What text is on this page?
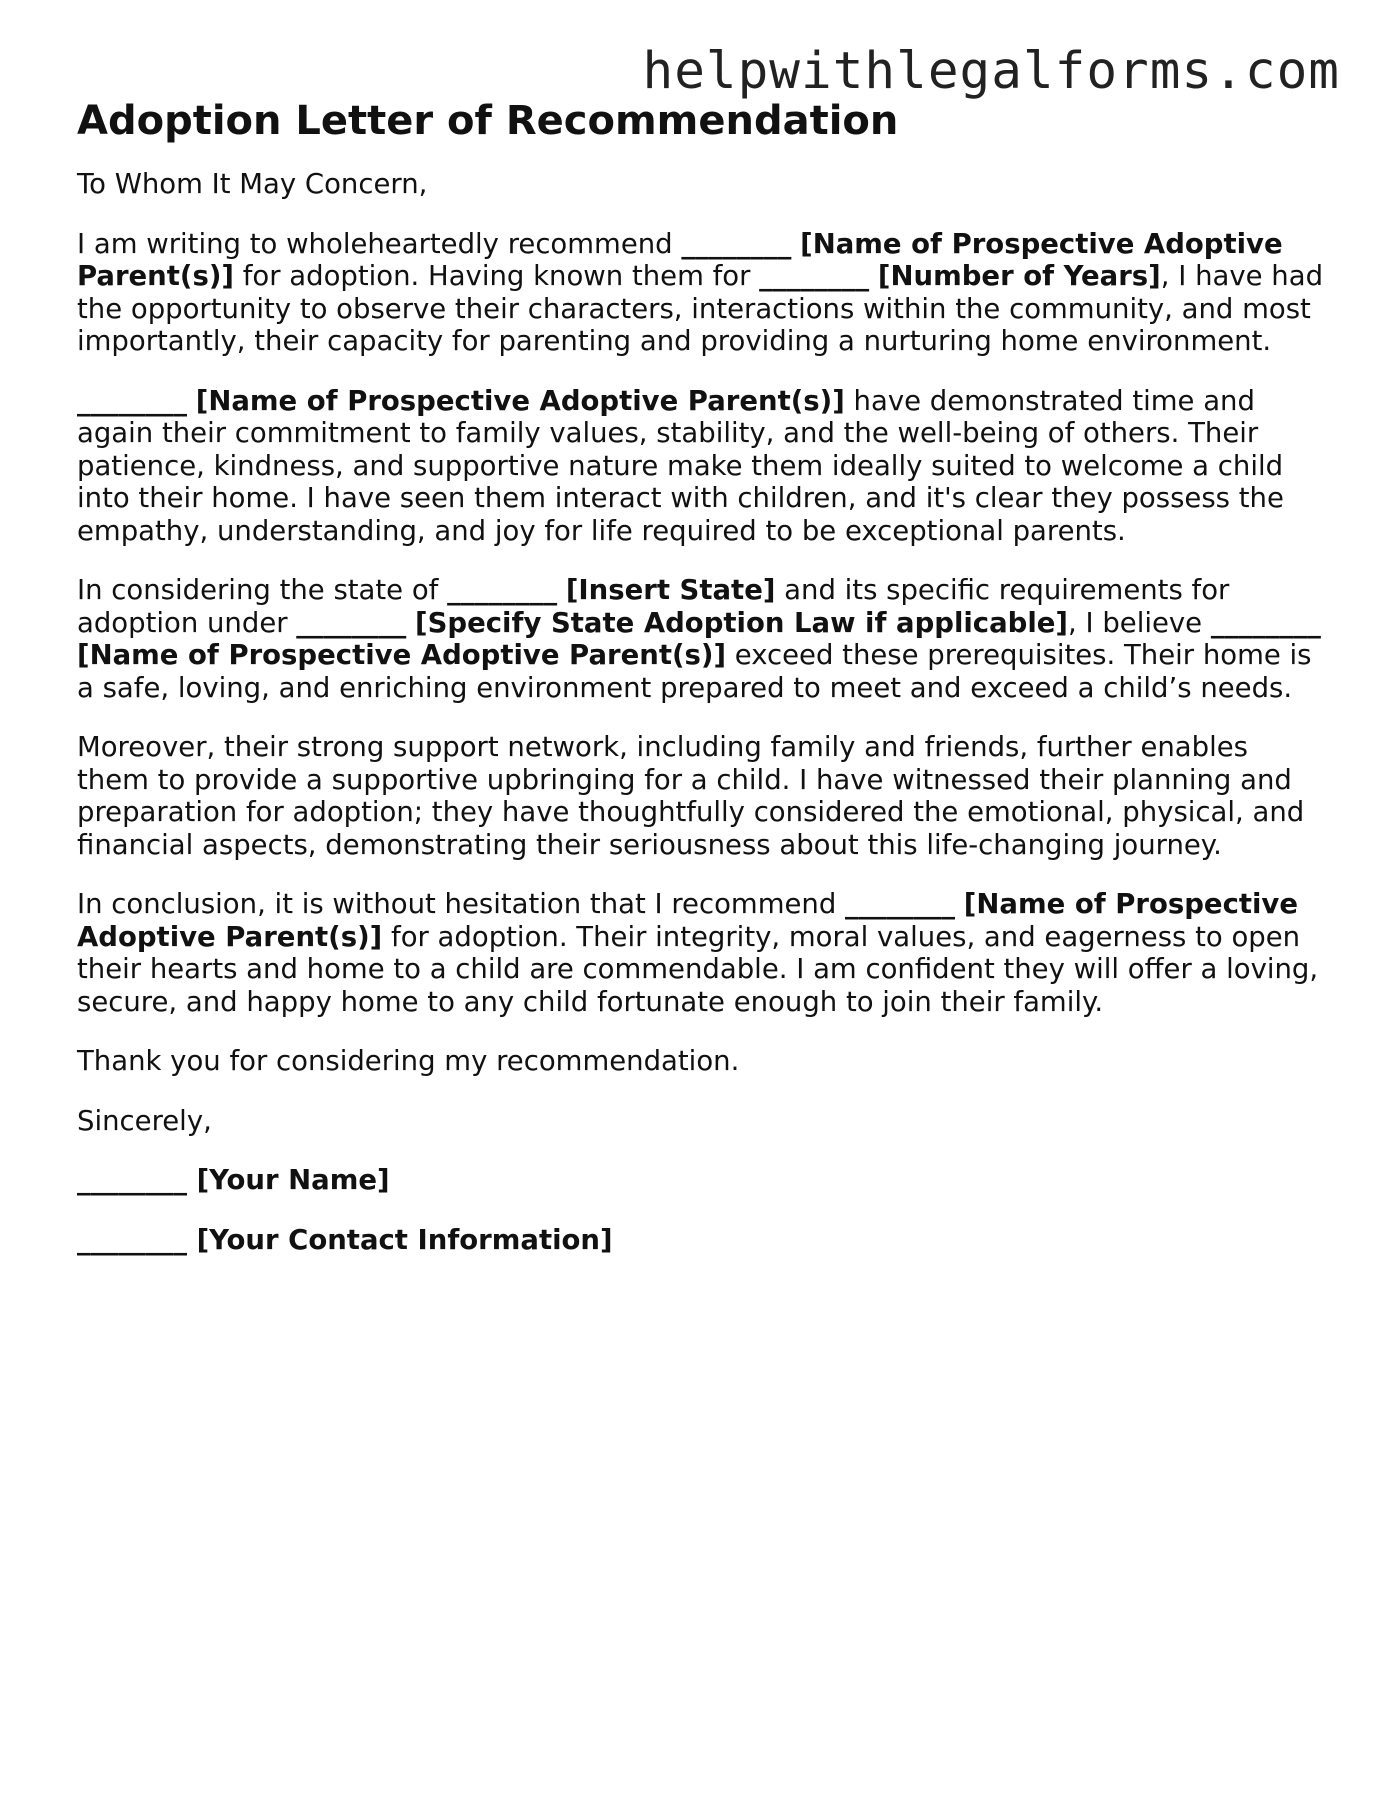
helpwithlegalforms.com
Adoption Letter of Recommendation

To Whom It May Concern,

I am writing to wholeheartedly recommend ________ [Name of Prospective Adoptive Parent(s)] for adoption. Having known them for ________ [Number of Years], I have had the opportunity to observe their characters, interactions within the community, and most importantly, their capacity for parenting and providing a nurturing home environment.

________ [Name of Prospective Adoptive Parent(s)] have demonstrated time and again their commitment to family values, stability, and the well-being of others. Their patience, kindness, and supportive nature make them ideally suited to welcome a child into their home. I have seen them interact with children, and it's clear they possess the empathy, understanding, and joy for life required to be exceptional parents.

In considering the state of ________ [Insert State] and its specific requirements for adoption under ________ [Specify State Adoption Law if applicable], I believe ________ [Name of Prospective Adoptive Parent(s)] exceed these prerequisites. Their home is a safe, loving, and enriching environment prepared to meet and exceed a child’s needs.

Moreover, their strong support network, including family and friends, further enables them to provide a supportive upbringing for a child. I have witnessed their planning and preparation for adoption; they have thoughtfully considered the emotional, physical, and financial aspects, demonstrating their seriousness about this life-changing journey.

In conclusion, it is without hesitation that I recommend ________ [Name of Prospective Adoptive Parent(s)] for adoption. Their integrity, moral values, and eagerness to open their hearts and home to a child are commendable. I am confident they will offer a loving, secure, and happy home to any child fortunate enough to join their family.

Thank you for considering my recommendation.

Sincerely,

________ [Your Name]

________ [Your Contact Information]
